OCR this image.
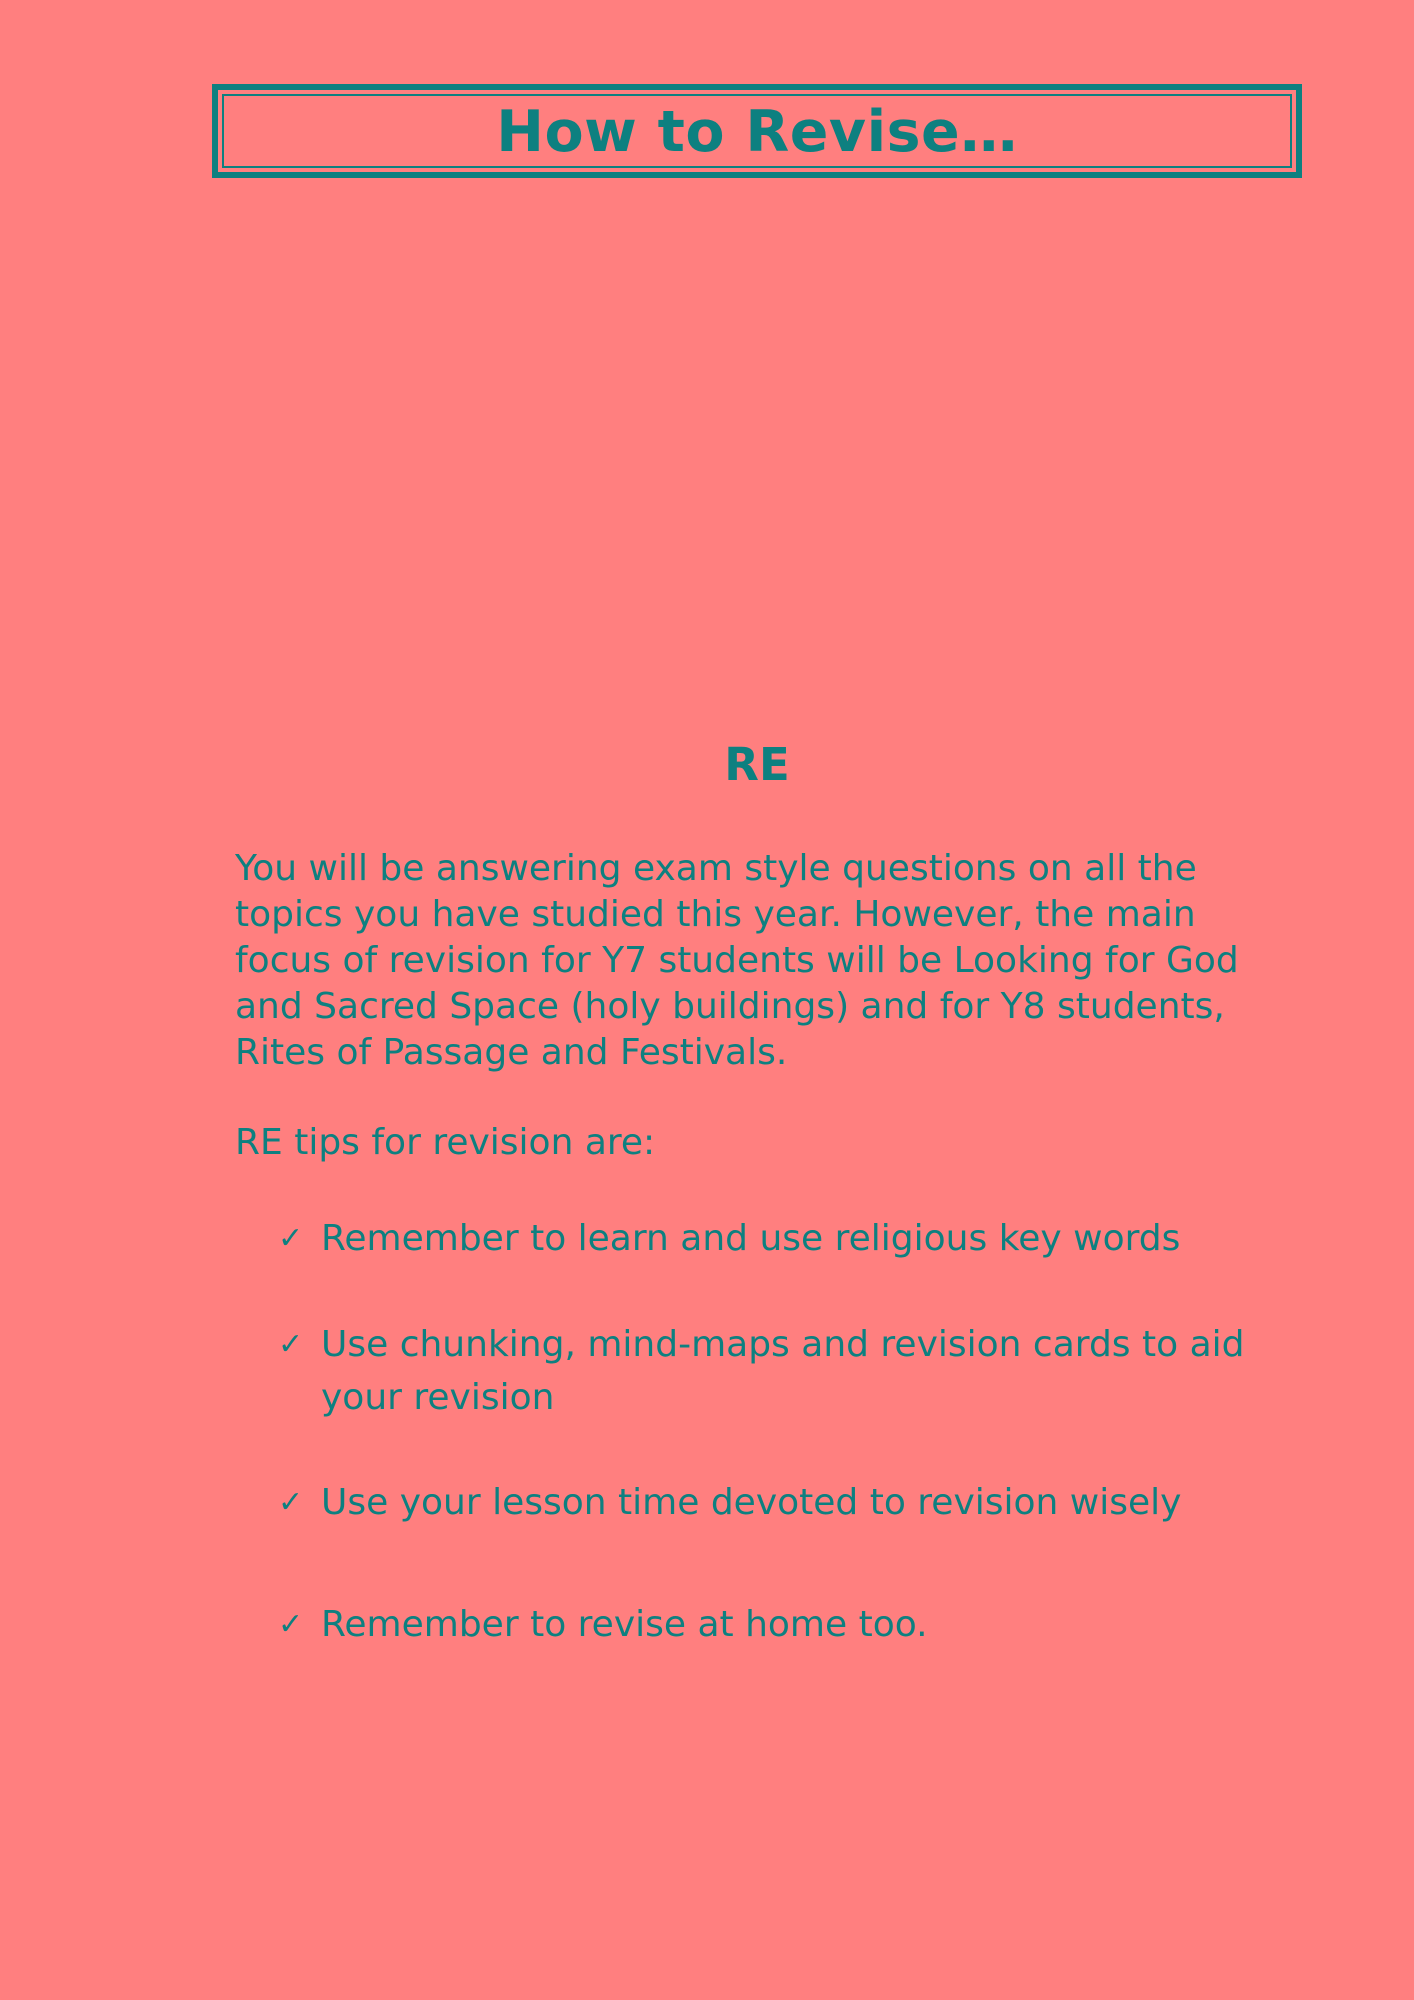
How to Revise…
RE

You will be answering exam style questions on all the topics you have studied this year. However, the main focus of revision for Y7 students will be Looking for God and Sacred Space (holy buildings) and for Y8 students, Rites of Passage and Festivals.

RE tips for revision are:

✓ Remember to learn and use religious key words
✓ Use chunking, mind-maps and revision cards to aid your revision
✓ Use your lesson time devoted to revision wisely
✓ Remember to revise at home too.
